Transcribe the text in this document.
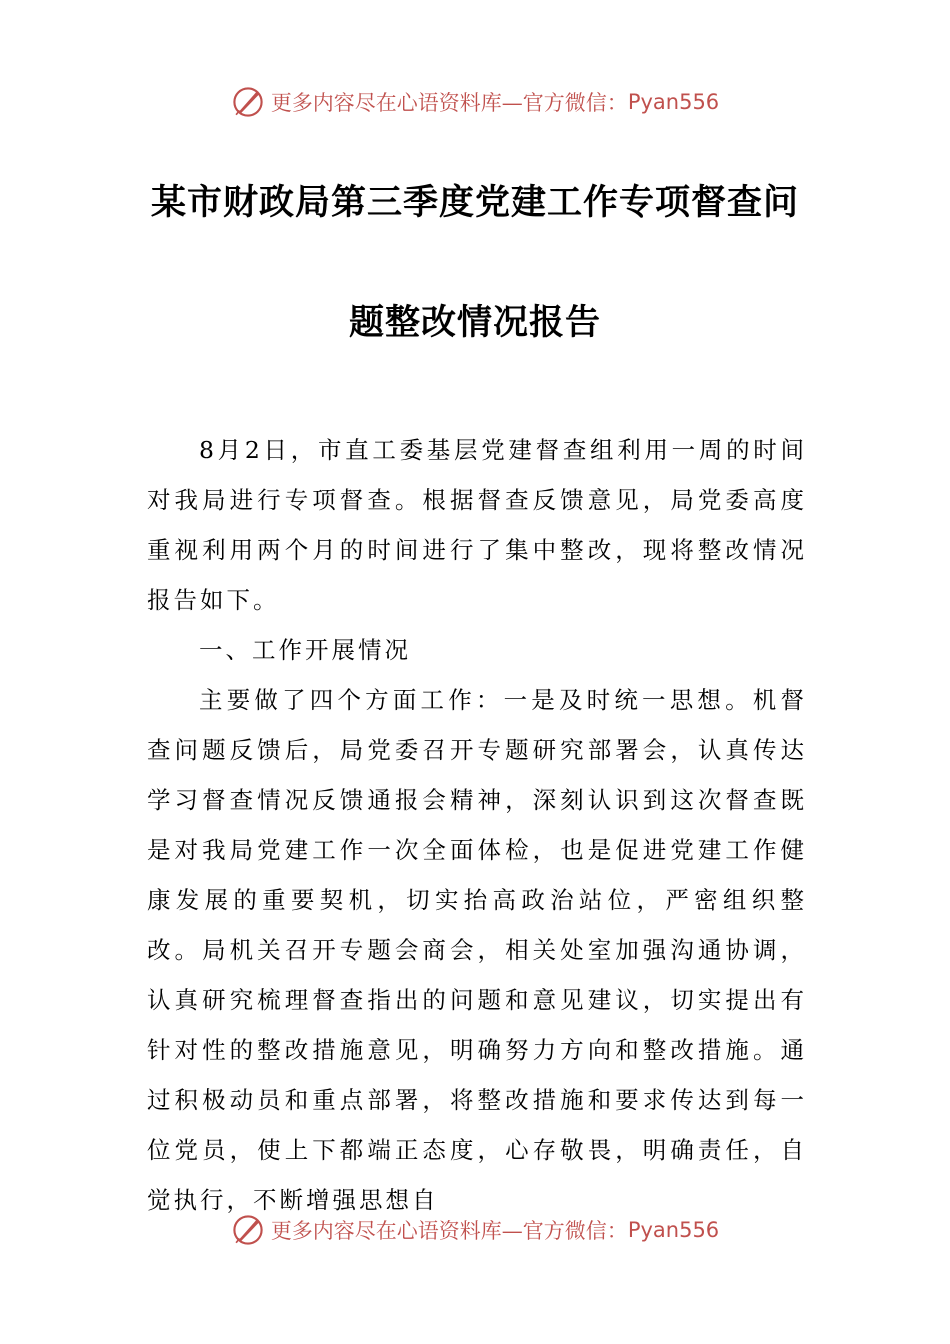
更多内容尽在心语资料库—官方微信： Pyan556
某市财政局第三季度党建工作专项督查问
题整改情况报告

8月2日，市直工委基层党建督查组利用一周的时间对我局进行专项督查。根据督查反馈意见，局党委高度重视利用两个月的时间进行了集中整改，现将整改情况报告如下。

一、工作开展情况

主要做了四个方面工作：一是及时统一思想。机督查问题反馈后，局党委召开专题研究部署会，认真传达学习督查情况反馈通报会精神，深刻认识到这次督查既是对我局党建工作一次全面体检，也是促进党建工作健康发展的重要契机，切实抬高政治站位，严密组织整改。局机关召开专题会商会，相关处室加强沟通协调，认真研究梳理督查指出的问题和意见建议，切实提出有针对性的整改措施意见，明确努力方向和整改措施。通过积极动员和重点部署，将整改措施和要求传达到每一位党员，使上下都端正态度，心存敬畏，明确责任，自觉执行，不断增强思想自

更多内容尽在心语资料库—官方微信： Pyan556
